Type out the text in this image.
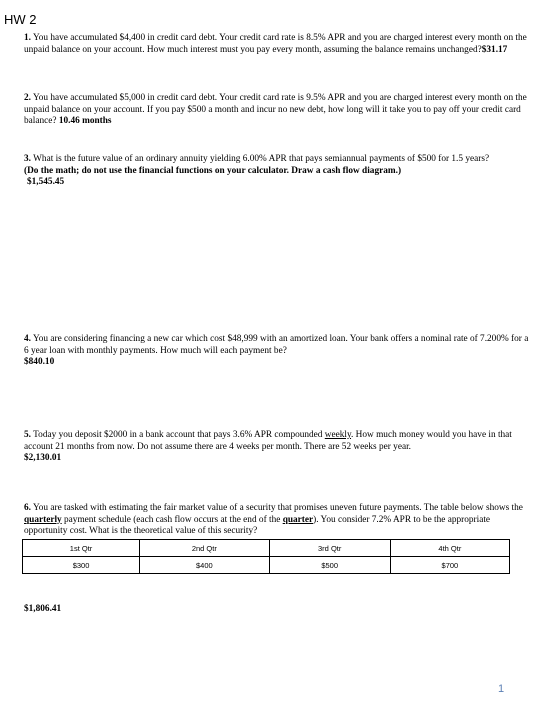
HW 2
1. You have accumulated $4,400 in credit card debt. Your credit card rate is 8.5% APR and you are charged interest every month on the unpaid balance on your account. How much interest must you pay every month, assuming the balance remains unchanged?$31.17
2. You have accumulated $5,000 in credit card debt. Your credit card rate is 9.5% APR and you are charged interest every month on the unpaid balance on your account. If you pay $500 a month and incur no new debt, how long will it take you to pay off your credit card balance? 10.46 months
3. What is the future value of an ordinary annuity yielding 6.00% APR that pays semiannual payments of $500 for 1.5 years?
(Do the math; do not use the financial functions on your calculator. Draw a cash flow diagram.)
$1,545.45
4. You are considering financing a new car which cost $48,999 with an amortized loan. Your bank offers a nominal rate of 7.200% for a 6 year loan with monthly payments. How much will each payment be?
$840.10
5. Today you deposit $2000 in a bank account that pays 3.6% APR compounded weekly. How much money would you have in that account 21 months from now. Do not assume there are 4 weeks per month. There are 52 weeks per year.
$2,130.01
6. You are tasked with estimating the fair market value of a security that promises uneven future payments. The table below shows the quarterly payment schedule (each cash flow occurs at the end of the quarter). You consider 7.2% APR to be the appropriate opportunity cost. What is the theoretical value of this security?
1st Qtr	2nd Qtr	3rd Qtr	4th Qtr
$300	$400	$500	$700
$1,806.41
1
